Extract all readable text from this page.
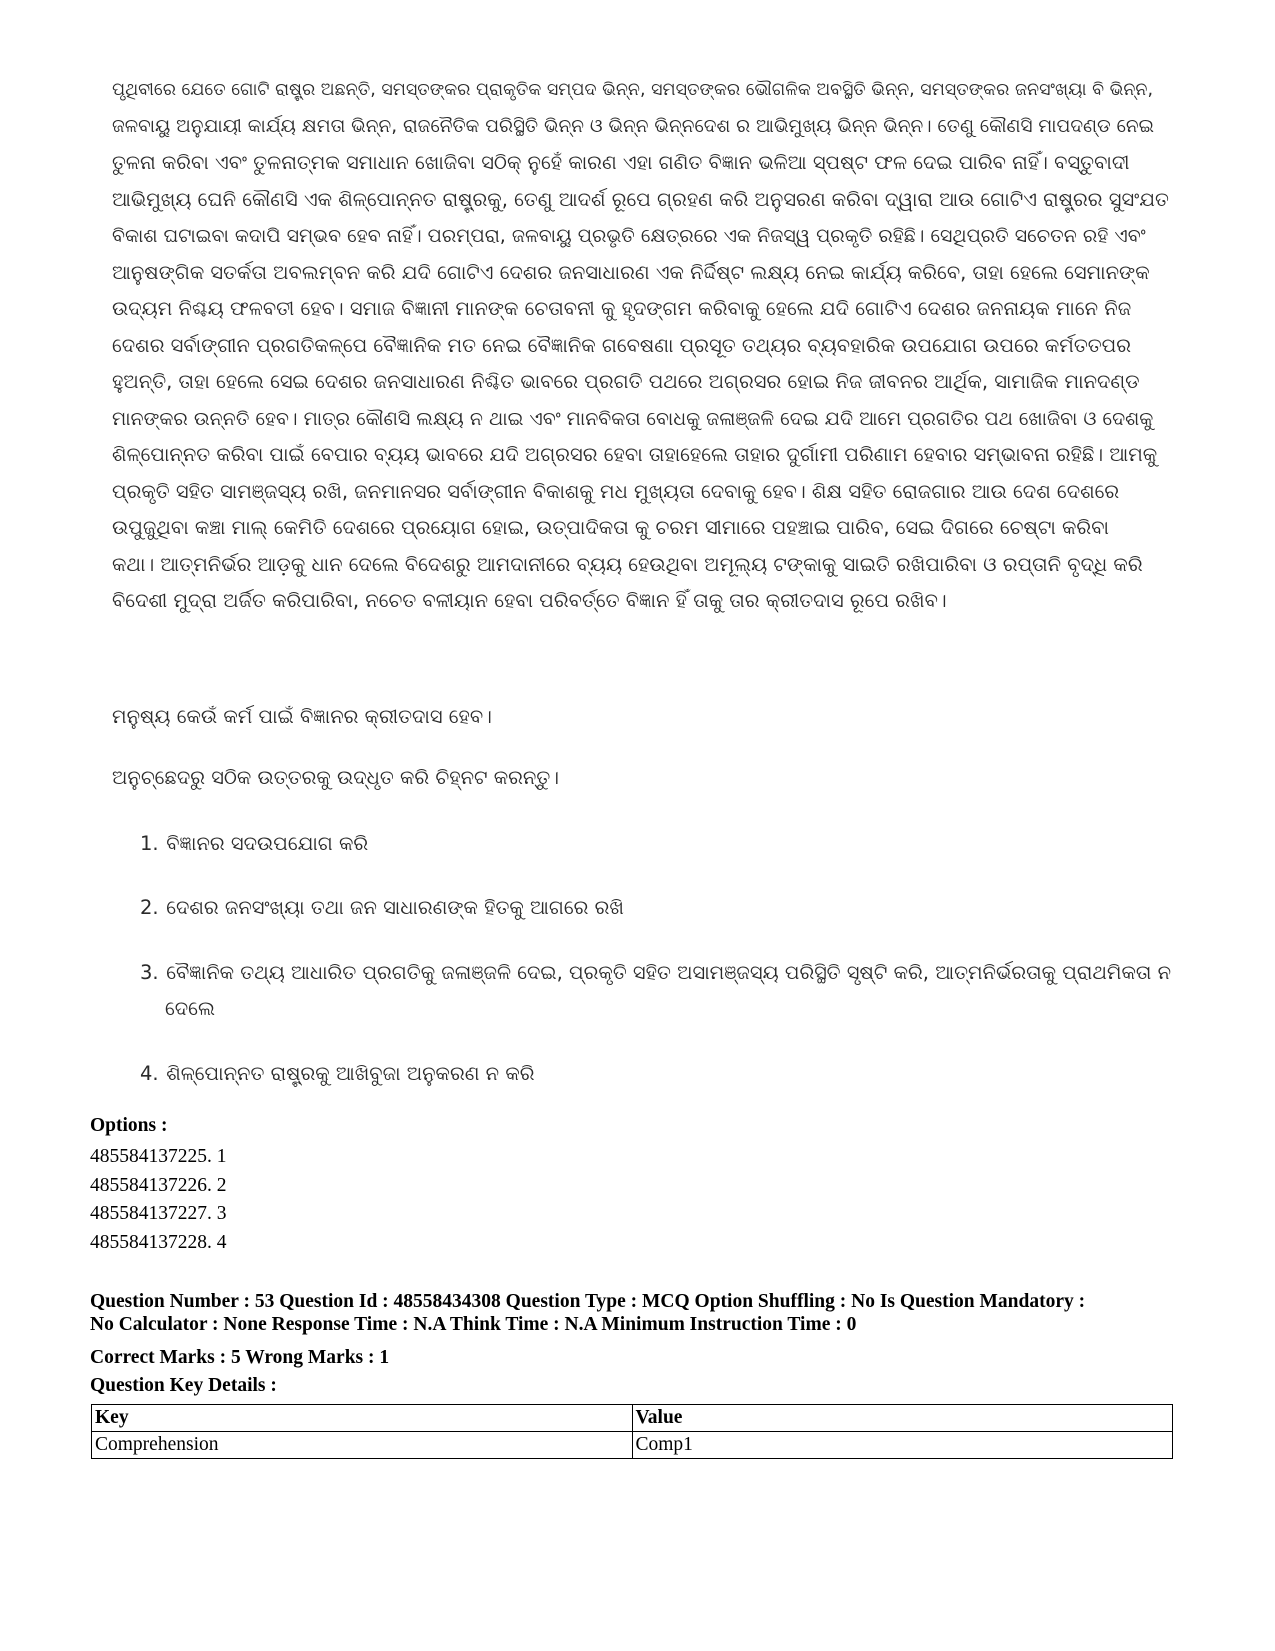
ପୃଥିବୀରେ ଯେତେ ଗୋଟି ରାଷ୍ଟ୍ର ଅଛନ୍ତି, ସମସ୍ତଙ୍କର ପ୍ରାକୃତିକ ସମ୍ପଦ ଭିନ୍ନ, ସମସ୍ତଙ୍କର ଭୌଗଳିକ ଅବସ୍ଥିତି ଭିନ୍ନ, ସମସ୍ତଙ୍କର ଜନସଂଖ୍ୟା ବି ଭିନ୍ନ,
ଜଳବାୟୁ ଅନୁଯାୟୀ କାର୍ଯ୍ୟ କ୍ଷମତା ଭିନ୍ନ, ରାଜନୈତିକ ପରିସ୍ଥିତି ଭିନ୍ନ ଓ ଭିନ୍ନ ଭିନ୍ନଦେଶ ର ଆଭିମୁଖ୍ୟ ଭିନ୍ନ ଭିନ୍ନ। ତେଣୁ କୌଣସି ମାପଦଣ୍ଡ ନେଇ
ତୁଳନା କରିବା ଏବଂ ତୁଳନାତ୍ମକ ସମାଧାନ ଖୋଜିବା ସଠିକ୍ ନୁହେଁ କାରଣ ଏହା ଗଣିତ ବିଜ୍ଞାନ ଭଳିଆ ସ୍ପଷ୍ଟ ଫଳ ଦେଇ ପାରିବ ନାହିଁ। ବସ୍ତୁବାଦୀ
ଆଭିମୁଖ୍ୟ ଘେନି କୌଣସି ଏକ ଶିଳ୍ପୋନ୍ନତ ରାଷ୍ଟ୍ରକୁ, ତେଣୁ ଆଦର୍ଶ ରୂପେ ଗ୍ରହଣ କରି ଅନୁସରଣ କରିବା ଦ୍ୱାରା ଆଉ ଗୋଟିଏ ରାଷ୍ଟ୍ରର ସୁସଂଯତ
ବିକାଶ ଘଟାଇବା କଦାପି ସମ୍ଭବ ହେବ ନାହିଁ। ପରମ୍ପରା, ଜଳବାୟୁ ପ୍ରଭୃତି କ୍ଷେତ୍ରରେ ଏକ ନିଜସ୍ୱ ପ୍ରକୃତି ରହିଛି। ସେଥିପ୍ରତି ସଚେତନ ରହି ଏବଂ
ଆନୁଷଙ୍ଗିକ ସତର୍କତା ଅବଲମ୍ବନ କରି ଯଦି ଗୋଟିଏ ଦେଶର ଜନସାଧାରଣ ଏକ ନିର୍ଦ୍ଦିଷ୍ଟ ଲକ୍ଷ୍ୟ ନେଇ କାର୍ଯ୍ୟ କରିବେ, ତାହା ହେଲେ ସେମାନଙ୍କ
ଉଦ୍ୟମ ନିଶ୍ଚୟ ଫଳବତୀ ହେବ। ସମାଜ ବିଜ୍ଞାନୀ ମାନଙ୍କ ଚେତାବନୀ କୁ ହୃଦଙ୍ଗମ କରିବାକୁ ହେଲେ ଯଦି ଗୋଟିଏ ଦେଶର ଜନନାୟକ ମାନେ ନିଜ
ଦେଶର ସର୍ବାଙ୍ଗୀନ ପ୍ରଗତିକଳ୍ପେ ବୈଜ୍ଞାନିକ ମତ ନେଇ ବୈଜ୍ଞାନିକ ଗବେଷଣା ପ୍ରସୂତ ତଥ୍ୟର ବ୍ୟବହାରିକ ଉପଯୋଗ ଉପରେ କର୍ମତତପର
ହୁଅନ୍ତି, ତାହା ହେଲେ ସେଇ ଦେଶର ଜନସାଧାରଣ ନିଶ୍ଚିତ ଭାବରେ ପ୍ରଗତି ପଥରେ ଅଗ୍ରସର ହୋଇ ନିଜ ଜୀବନର ଆର୍ଥିକ, ସାମାଜିକ ମାନଦଣ୍ଡ
ମାନଙ୍କର ଉନ୍ନତି ହେବ। ମାତ୍ର କୌଣସି ଲକ୍ଷ୍ୟ ନ ଥାଇ ଏବଂ ମାନବିକତା ବୋଧକୁ ଜଳାଞ୍ଜଳି ଦେଇ ଯଦି ଆମେ ପ୍ରଗତିର ପଥ ଖୋଜିବା ଓ ଦେଶକୁ
ଶିଳ୍ପୋନ୍ନତ କରିବା ପାଇଁ ବେପାର ବ୍ୟୟ ଭାବରେ ଯଦି ଅଗ୍ରସର ହେବା ତାହାହେଲେ ତାହାର ଦୁର୍ଗାମୀ ପରିଣାମ ହେବାର ସମ୍ଭାବନା ରହିଛି। ଆମକୁ
ପ୍ରକୃତି ସହିତ ସାମଞ୍ଜସ୍ୟ ରଖି, ଜନମାନସର ସର୍ବାଙ୍ଗୀନ ବିକାଶକୁ ମଧ ମୁଖ୍ୟତା ଦେବାକୁ ହେବ। ଶିକ୍ଷ ସହିତ ରୋଜଗାର ଆଉ ଦେଶ ଦେଶରେ
ଉପୁଜୁଥିବା କଞ୍ଚା ମାଲ୍ କେମିତି ଦେଶରେ ପ୍ରୟୋଗ ହୋଇ, ଉତ୍ପାଦିକତା କୁ ଚରମ ସୀମାରେ ପହଞ୍ଚାଇ ପାରିବ, ସେଇ ଦିଗରେ ଚେଷ୍ଟା କରିବା
କଥା। ଆତ୍ମନିର୍ଭର ଆଡ଼କୁ ଧାନ ଦେଲେ ବିଦେଶରୁ ଆମଦାନୀରେ ବ୍ୟୟ ହେଉଥିବା ଅମୂଲ୍ୟ ଟଙ୍କାକୁ ସାଇତି ରଖିପାରିବା ଓ ରପ୍ତାନି ବୃଦ୍ଧି କରି
ବିଦେଶୀ ମୁଦ୍ରା ଅର୍ଜିତ କରିପାରିବା, ନଚେତ ବଳୀୟାନ ହେବା ପରିବର୍ତ୍ତେ ବିଜ୍ଞାନ ହିଁ ତାକୁ ତାର କ୍ରୀତଦାସ ରୂପେ ରଖିବ।

ମନୁଷ୍ୟ କେଉଁ କର୍ମ ପାଇଁ ବିଜ୍ଞାନର କ୍ରୀତଦାସ ହେବ।

ଅନୁଚ୍ଛେଦରୁ ସଠିକ ଉତ୍ତରକୁ ଉଦ୍ଧୃତ କରି ଚିହ୍ନଟ କରନ୍ତୁ।

1. ବିଜ୍ଞାନର ସଦଉପଯୋଗ କରି
2. ଦେଶର ଜନସଂଖ୍ୟା ତଥା ଜନ ସାଧାରଣଙ୍କ ହିତକୁ ଆଗରେ ରଖି
3. ବୈଜ୍ଞାନିକ ତଥ୍ୟ ଆଧାରିତ ପ୍ରଗତିକୁ ଜଳାଞ୍ଜଳି ଦେଇ, ପ୍ରକୃତି ସହିତ ଅସାମଞ୍ଜସ୍ୟ ପରିସ୍ଥିତି ସୃଷ୍ଟି କରି, ଆତ୍ମନିର୍ଭରତାକୁ ପ୍ରାଥମିକତା ନ
ଦେଲେ
4. ଶିଳ୍ପୋନ୍ନତ ରାଷ୍ଟ୍ରକୁ ଆଖିବୁଜା ଅନୁକରଣ ନ କରି
Options :
485584137225. 1
485584137226. 2
485584137227. 3
485584137228. 4
Question Number : 53 Question Id : 48558434308 Question Type : MCQ Option Shuffling : No Is Question Mandatory :
No Calculator : None Response Time : N.A Think Time : N.A Minimum Instruction Time : 0
Correct Marks : 5 Wrong Marks : 1
Question Key Details :
Key	Value
Comprehension	Comp1
